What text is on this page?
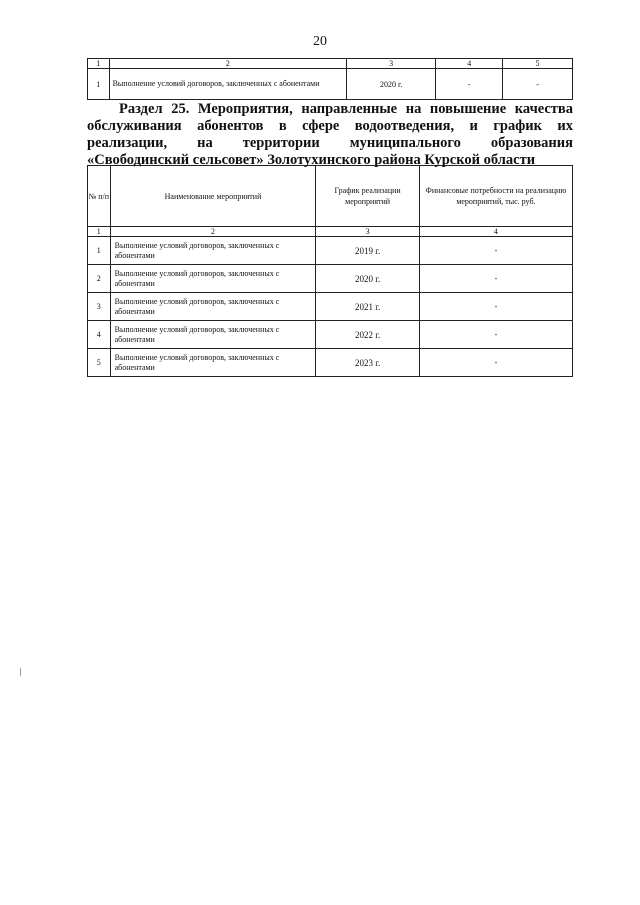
20
1	2	3	4	5
1	Выполнение условий договоров, заключенных с абонентами	2020 г.	-	-
Раздел 25. Мероприятия, направленные на повышение качества обслуживания абонентов в сфере водоотведения, и график их реализации, на территории муниципального образования «Свободинский сельсовет» Золотухинского района Курской области
№ п/п	Наименование мероприятий	График реализации мероприятий	Финансовые потребности на реализацию мероприятий, тыс. руб.
1	2	3	4
1	Выполнение условий договоров, заключенных с абонентами	2019 г.	-
2	Выполнение условий договоров, заключенных с абонентами	2020 г.	-
3	Выполнение условий договоров, заключенных с абонентами	2021 г.	-
4	Выполнение условий договоров, заключенных с абонентами	2022 г.	-
5	Выполнение условий договоров, заключенных с абонентами	2023 г.	-
